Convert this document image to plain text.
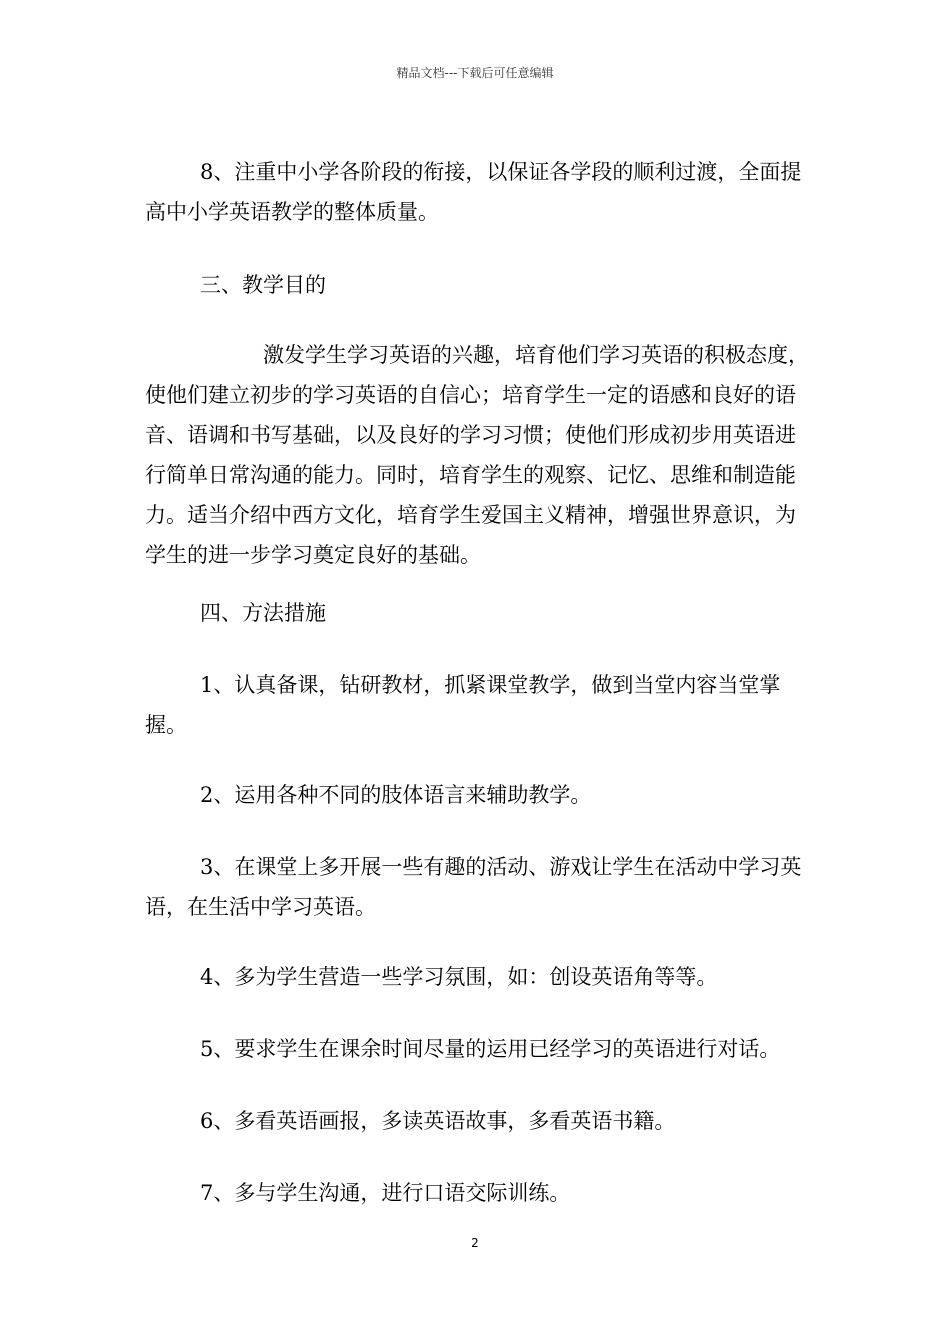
精品文档---下载后可任意编辑

8、注重中小学各阶段的衔接，以保证各学段的顺利过渡，全面提高中小学英语教学的整体质量。

三、教学目的

激发学生学习英语的兴趣，培育他们学习英语的积极态度，使他们建立初步的学习英语的自信心；培育学生一定的语感和良好的语音、语调和书写基础，以及良好的学习习惯；使他们形成初步用英语进行简单日常沟通的能力。同时，培育学生的观察、记忆、思维和制造能力。适当介绍中西方文化，培育学生爱国主义精神，增强世界意识，为学生的进一步学习奠定良好的基础。

四、方法措施

1、认真备课，钻研教材，抓紧课堂教学，做到当堂内容当堂掌握。

2、运用各种不同的肢体语言来辅助教学。

3、在课堂上多开展一些有趣的活动、游戏让学生在活动中学习英语，在生活中学习英语。

4、多为学生营造一些学习氛围，如：创设英语角等等。

5、要求学生在课余时间尽量的运用已经学习的英语进行对话。

6、多看英语画报，多读英语故事，多看英语书籍。

7、多与学生沟通，进行口语交际训练。

2
